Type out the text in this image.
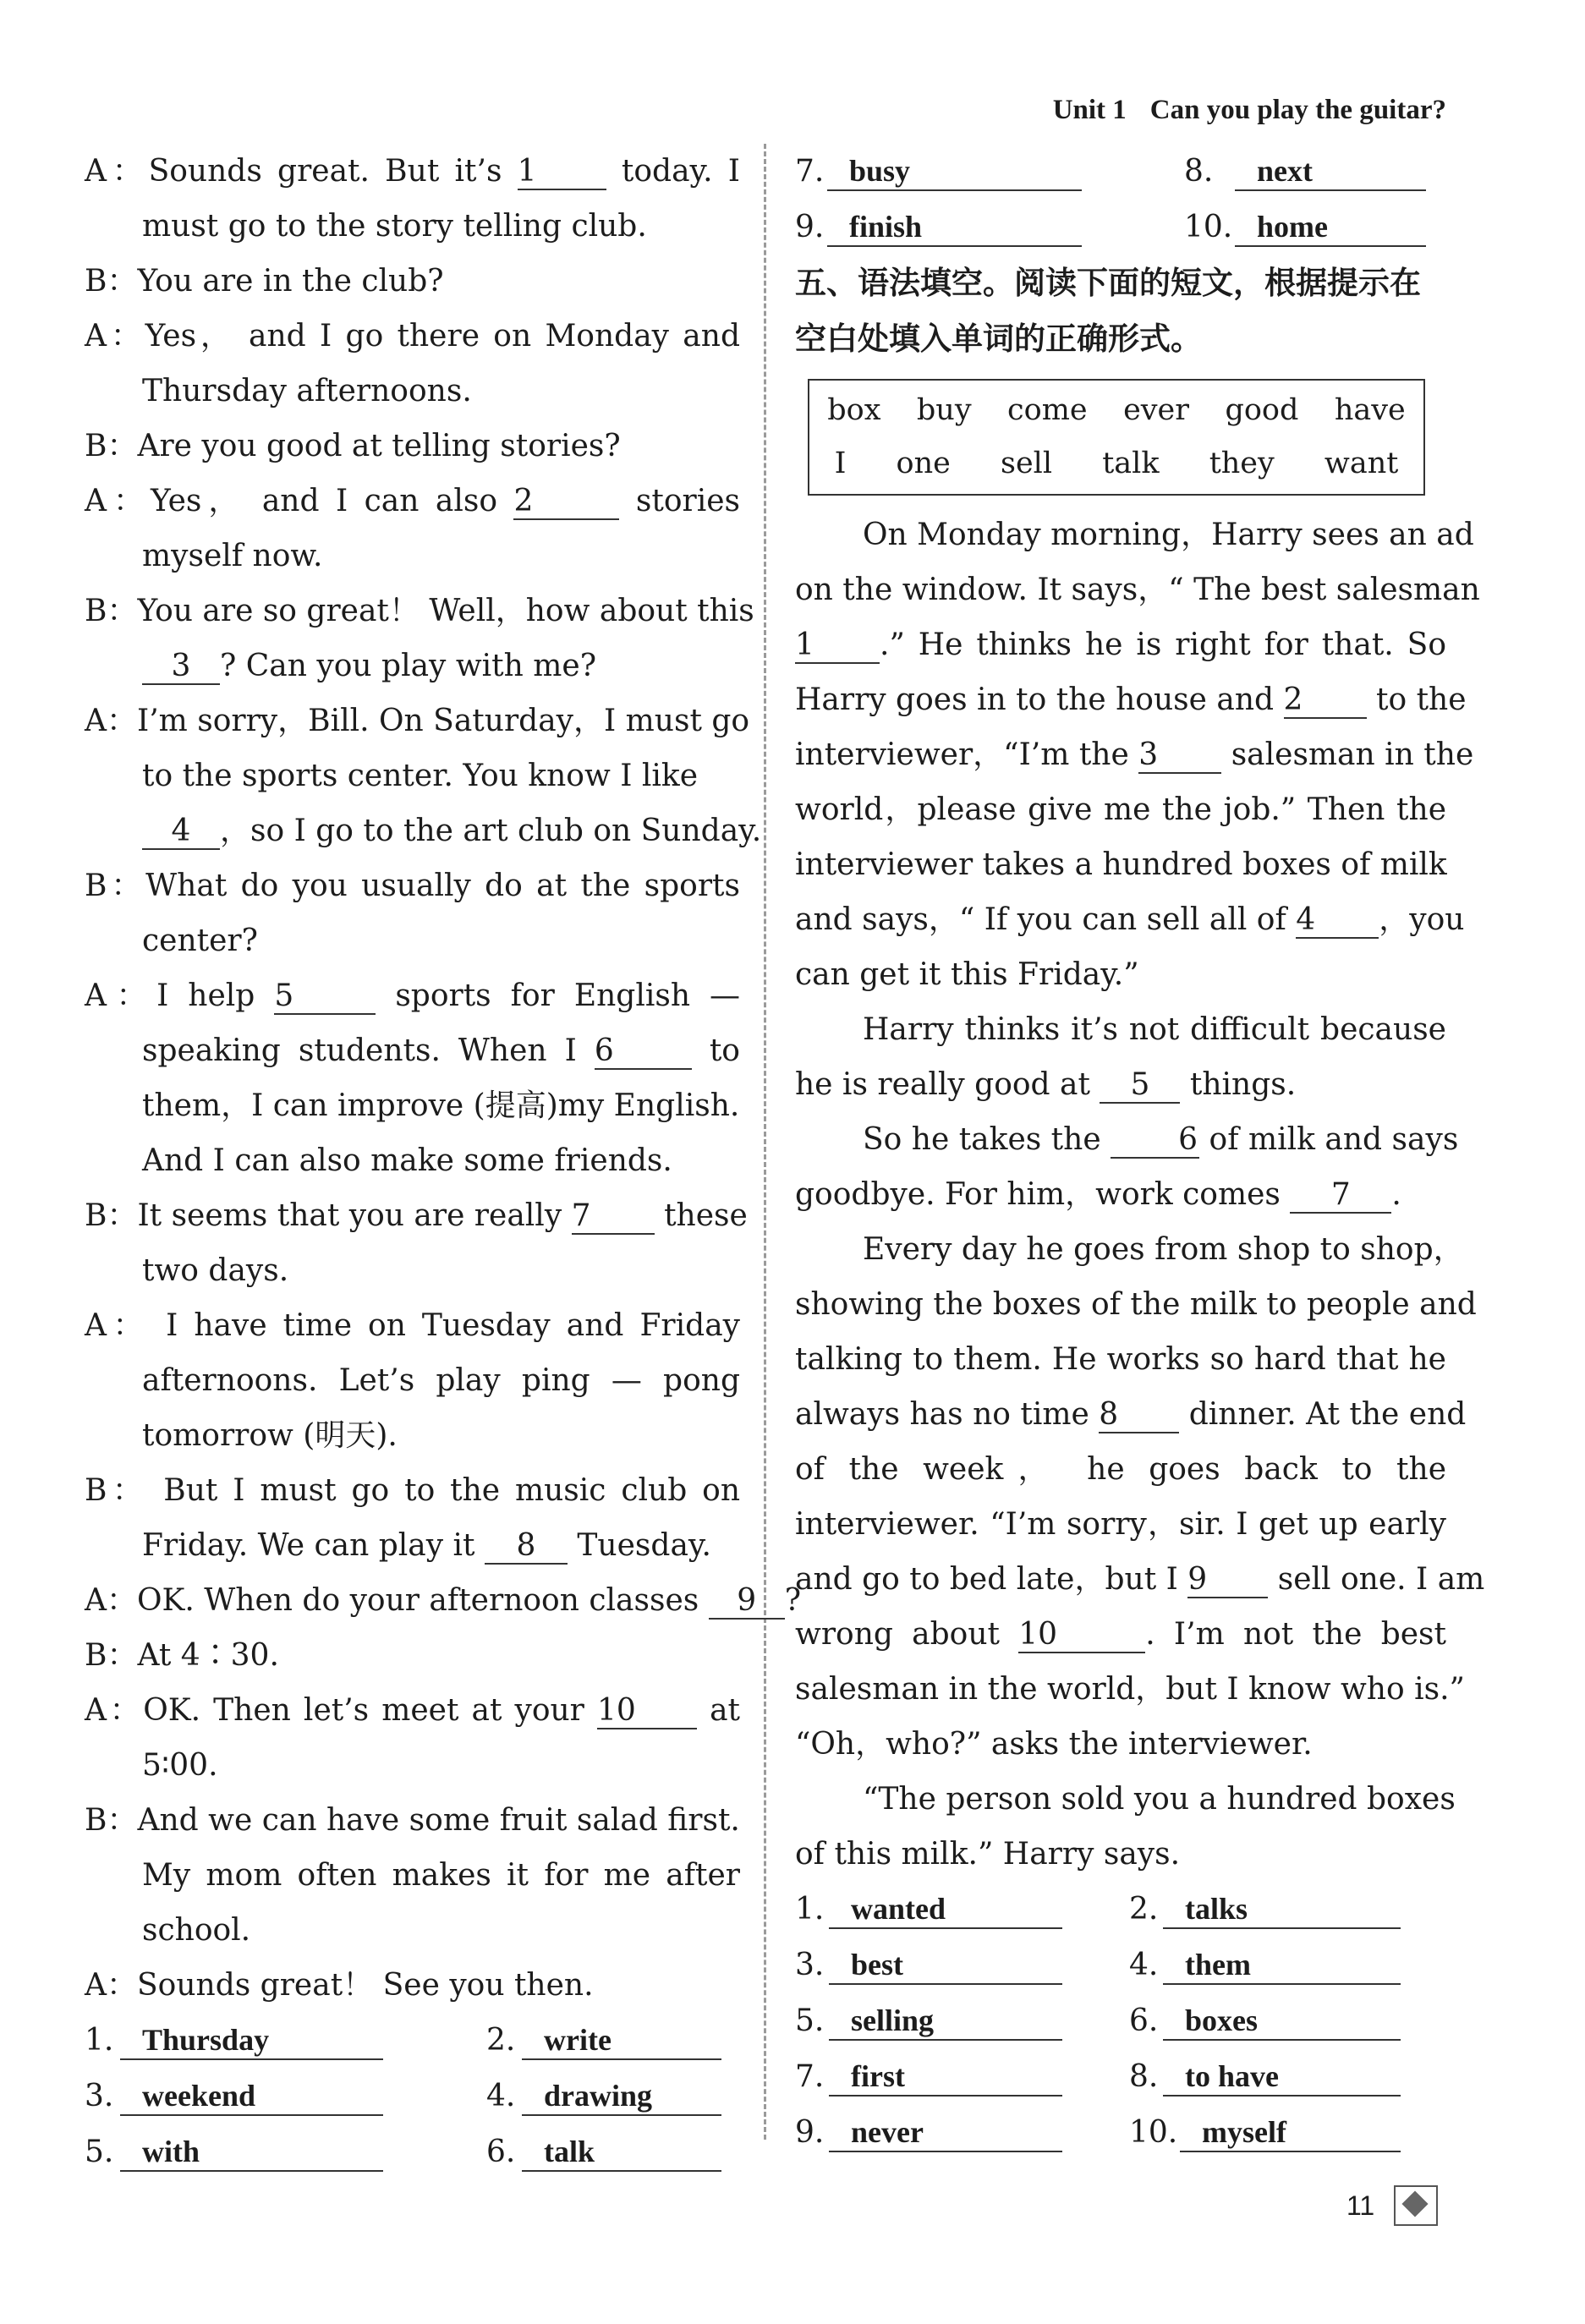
Unit 1 Can you play the guitar?
A：Sounds great. But it’s 1	today. I
must go to the story telling club.
B：You are in the club?
A：Yes， and I go there on Monday and
Thursday afternoons.
B：Are you good at telling stories?
A：Yes， and I can also 2	stories
myself now.
B：You are so great！ Well，how about this
3 ? Can you play with me?
A：I’m sorry，Bill. On Saturday，I must go
to the sports center. You know I like
4 ，so I go to the art club on Sunday.
B：What do you usually do at the sports
center?
A：I help 5	sports for English —
speaking students. When I 6	to
them，I can improve (提高)my English.
And I can also make some friends.
B：It seems that you are really 7 these
two days.
A： I have time on Tuesday and Friday
afternoons. Let’s play ping — pong
tomorrow (明天).
B： But I must go to the music club on
Friday. We can play it 8 Tuesday.
A：OK. When do your afternoon classes 9 ?
B：At 4∶30.
A：OK. Then let’s meet at your 10 at
5∶00.
B：And we can have some fruit salad first.
My mom often makes it for me after
school.
A：Sounds great！ See you then.
1. Thursday	2. write
3. weekend	4. drawing
5. with	6. talk
7. busy	8.	next
9. finish	10. home
五、语法填空。阅读下面的短文，根据提示在
空白处填入单词的正确形式。
box buy come ever good have
I one sell talk they want
On Monday morning，Harry sees an ad
on the window. It says，“ The best salesman
1 .” He thinks he is right for that. So
Harry goes in to the house and 2 to the
interviewer，“I’m the 3 salesman in the
world，please give me the job.” Then the
interviewer takes a hundred boxes of milk
and says，“ If you can sell all of 4 ，you
can get it this Friday.”
Harry thinks it’s not difficult because
he is really good at 5 things.
So he takes the	6 of milk and says
goodbye. For him，work comes 7 .
Every day he goes from shop to shop，
showing the boxes of the milk to people and
talking to them. He works so hard that he
always has no time 8 dinner. At the end
of the week， he goes back to the
interviewer. “I’m sorry，sir. I get up early
and go to bed late，but I 9 sell one. I am
wrong about 10	. I’m not the best
salesman in the world，but I know who is.”
“Oh，who?” asks the interviewer.
“The person sold you a hundred boxes
of this milk.” Harry says.
1. wanted	2. talks
3. best	4. them
5. selling	6. boxes
7. first	8. to have
9. never	10. myself
11
